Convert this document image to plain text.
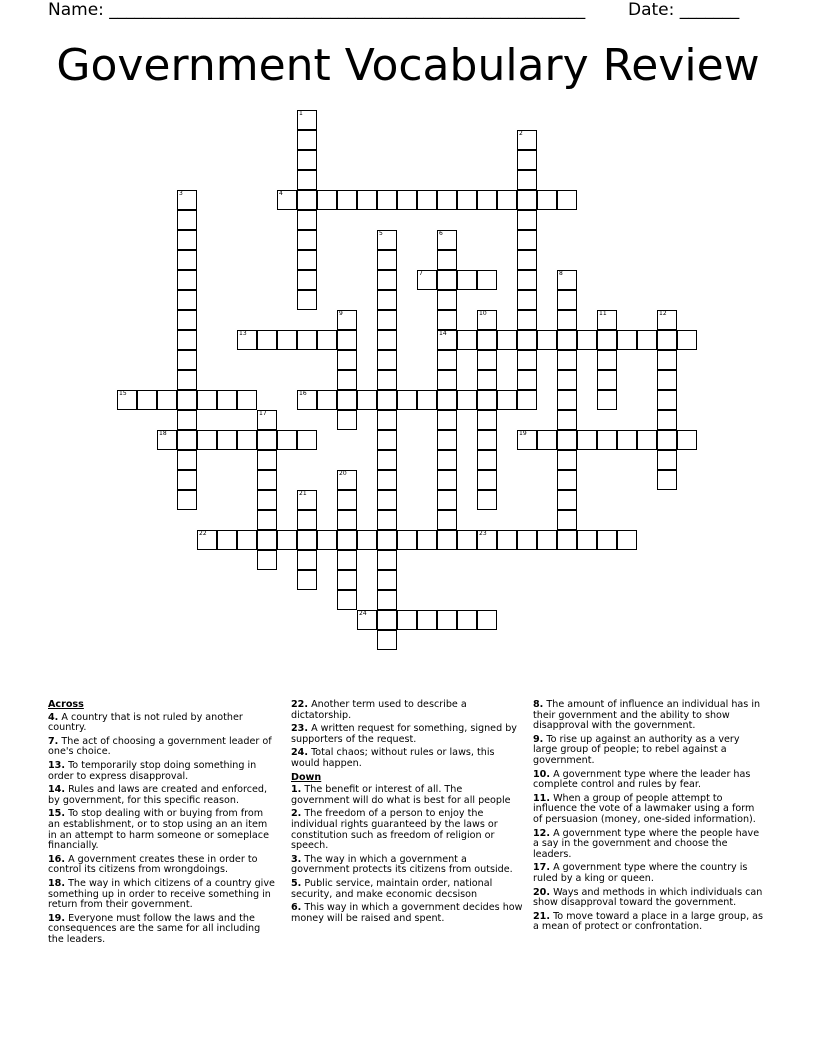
Name: ________________________________________________________	Date: _______
Government Vocabulary Review
1
2
3	4
5	6
14
7	8
9	10	11	12
13
15	16
17
18	19
20
21
22	23
24
Across
4. A country that is not ruled by another country.
7. The act of choosing a government leader of one's choice.
13. To temporarily stop doing something in order to express disapproval.
14. Rules and laws are created and enforced, by government, for this specific reason.
15. To stop dealing with or buying from from an establishment, or to stop using an an item in an attempt to harm someone or someplace financially.
16. A government creates these in order to control its citizens from wrongdoings.
18. The way in which citizens of a country give something up in order to receive something in return from their government.
19. Everyone must follow the laws and the consequences are the same for all including the leaders.
22. Another term used to describe a dictatorship.
23. A written request for something, signed by supporters of the request.
24. Total chaos; without rules or laws, this would happen.
Down
1. The benefit or interest of all. The government will do what is best for all people
2. The freedom of a person to enjoy the individual rights guaranteed by the laws or constitution such as freedom of religion or speech.
3. The way in which a government a government protects its citizens from outside.
5. Public service, maintain order, national security, and make economic decsison
6. This way in which a government decides how money will be raised and spent.
8. The amount of influence an individual has in their government and the ability to show disapproval with the government.
9. To rise up against an authority as a very large group of people; to rebel against a government.
10. A government type where the leader has complete control and rules by fear.
11. When a group of people attempt to influence the vote of a lawmaker using a form of persuasion (money, one-sided information).
12. A government type where the people have a say in the government and choose the leaders.
17. A government type where the country is ruled by a king or queen.
20. Ways and methods in which individuals can show disapproval toward the government.
21. To move toward a place in a large group, as a mean of protect or confrontation.
